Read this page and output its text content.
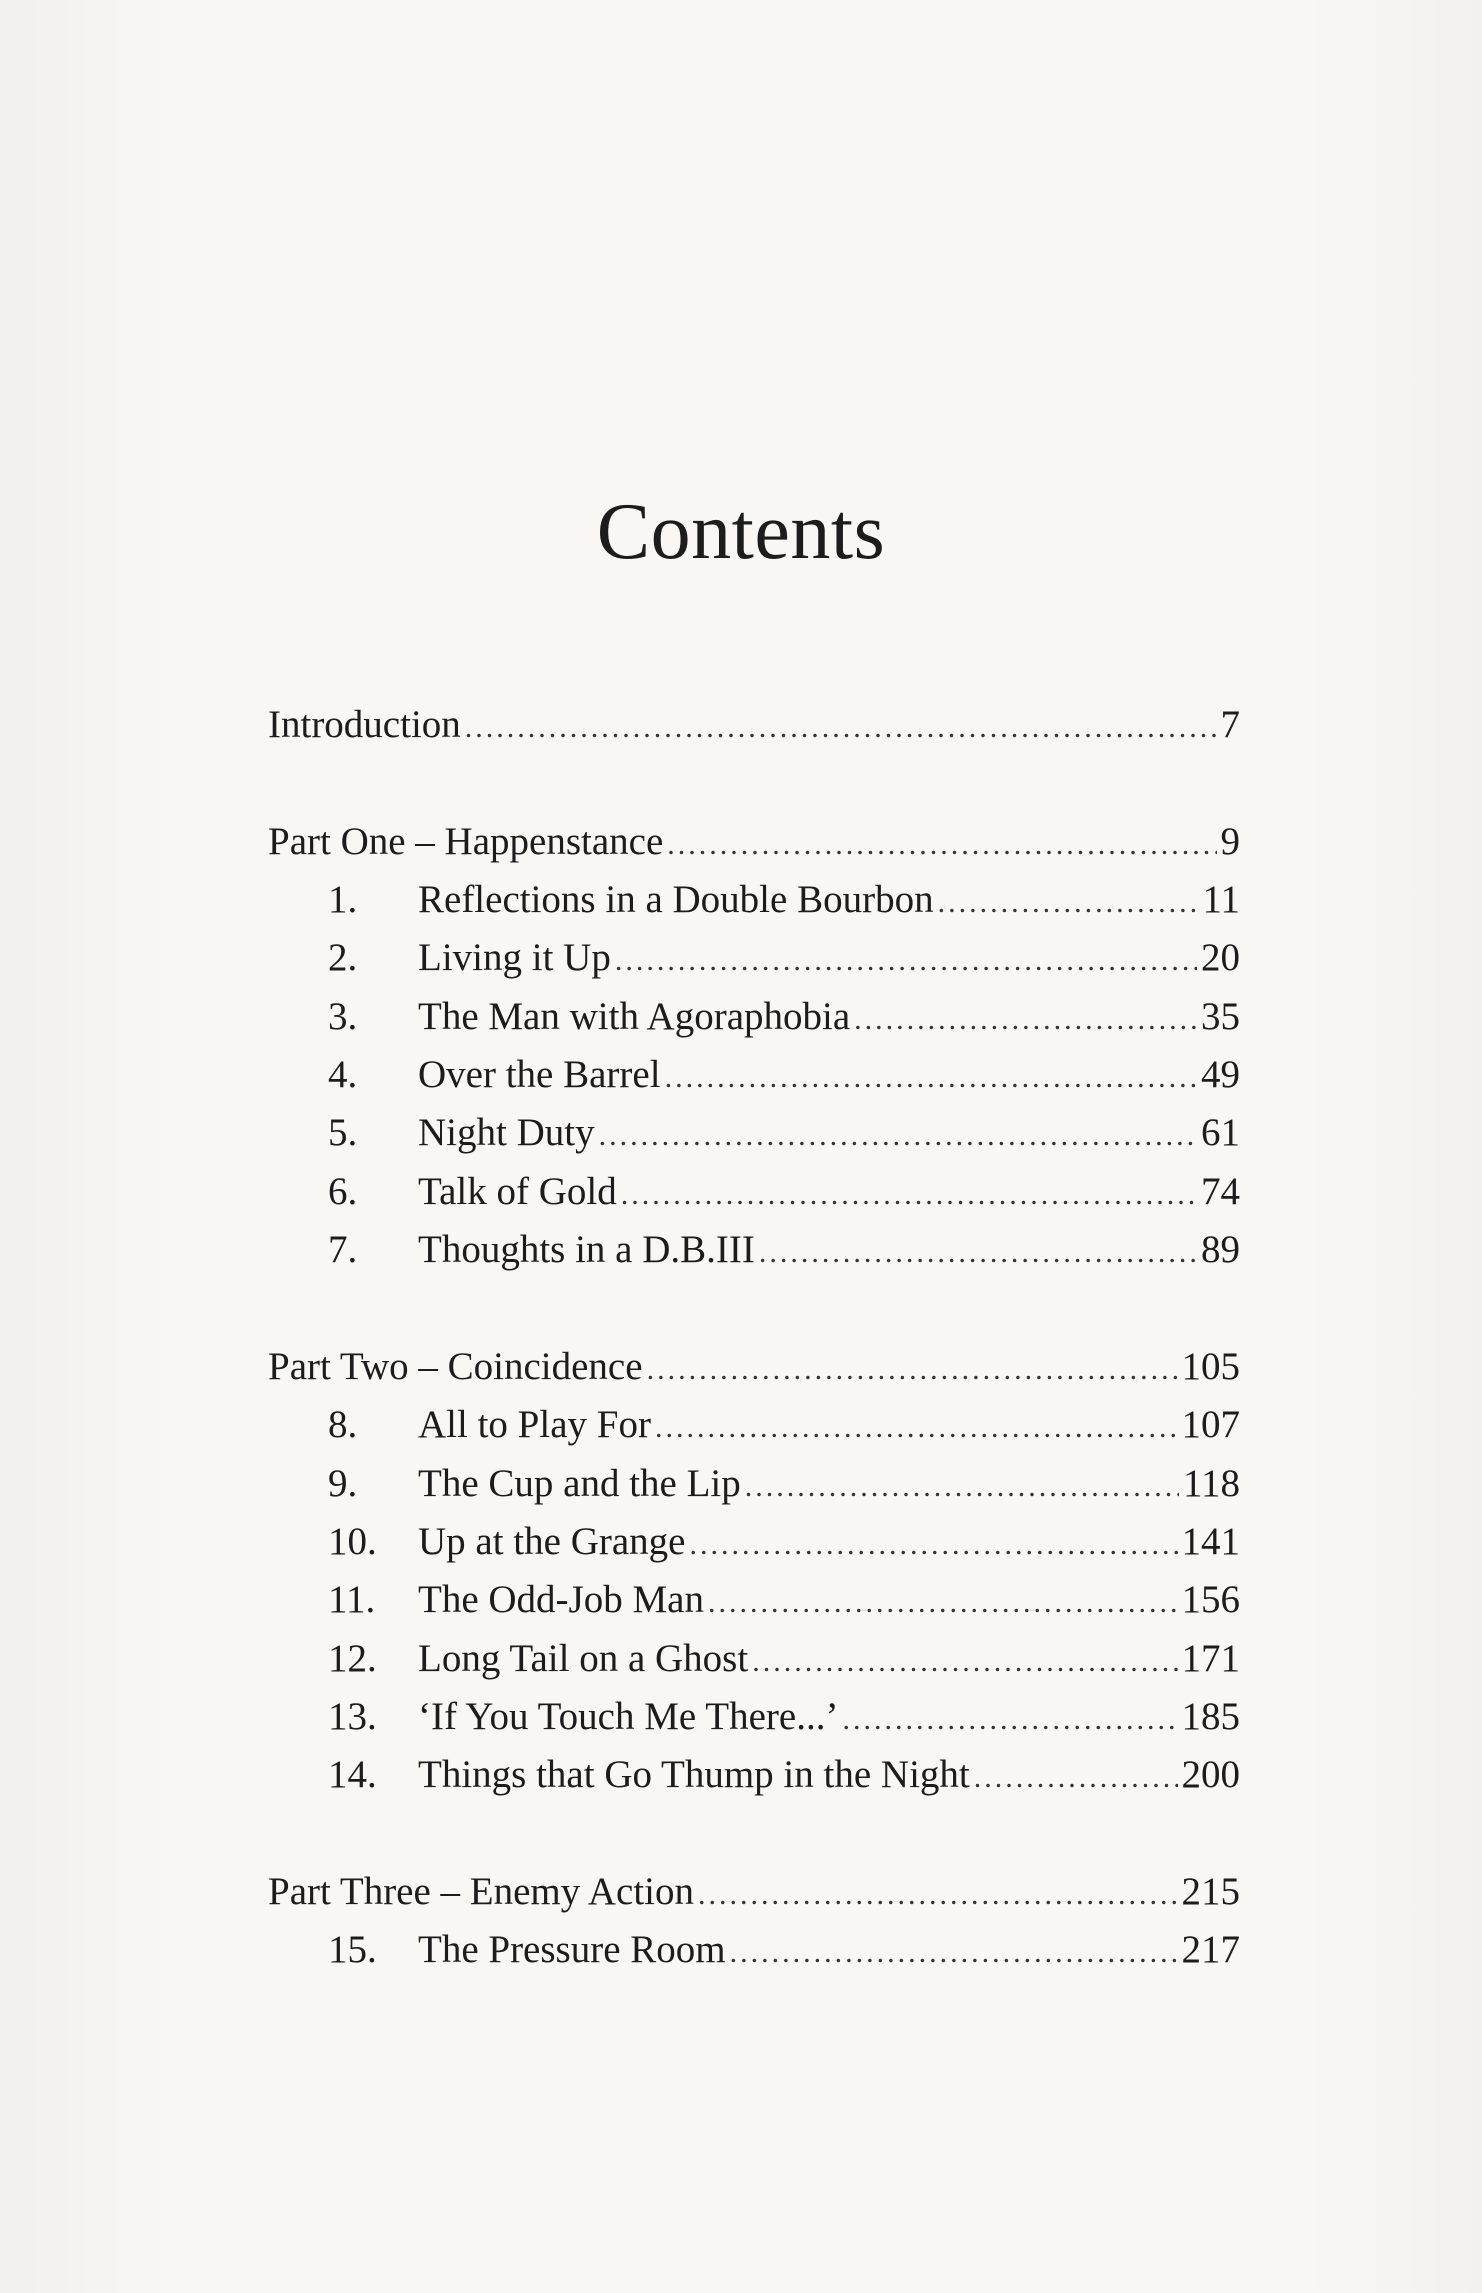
Contents
Introduction .....	7
Part One – Happenstance .....	9
1.	Reflections in a Double Bourbon .....	11
2.	Living it Up .....	20
3.	The Man with Agoraphobia .....	35
4.	Over the Barrel .....	49
5.	Night Duty .....	61
6.	Talk of Gold .....	74
7.	Thoughts in a D.B.III .....	89
Part Two – Coincidence .....	105
8.	All to Play For .....	107
9.	The Cup and the Lip .....	118
10.	Up at the Grange .....	141
11.	The Odd-Job Man .....	156
12.	Long Tail on a Ghost .....	171
13.	‘If You Touch Me There...’ .....	185
14.	Things that Go Thump in the Night .....	200
Part Three – Enemy Action .....	215
15.	The Pressure Room .....	217
